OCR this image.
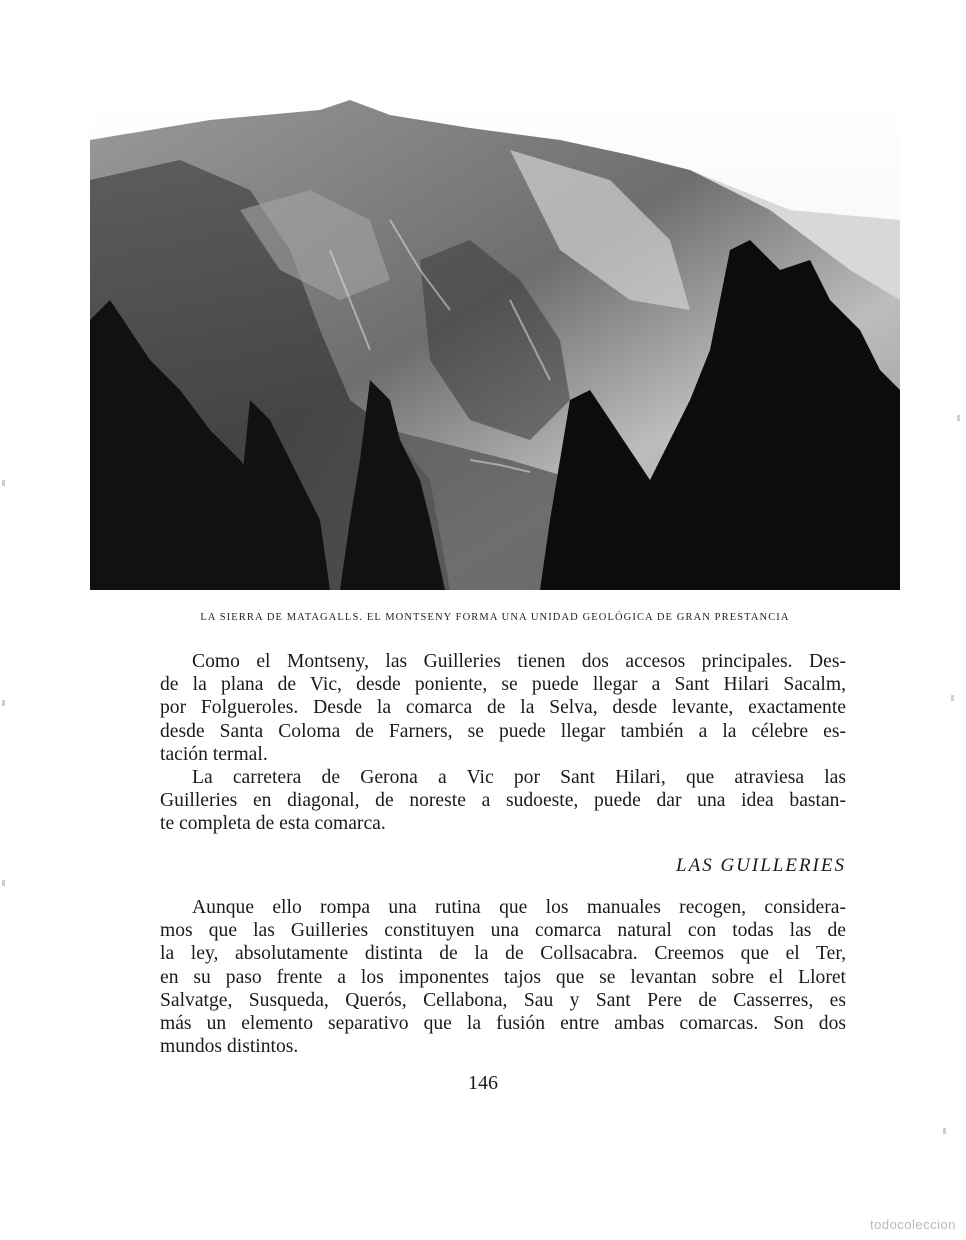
LA SIERRA DE MATAGALLS. EL MONTSENY FORMA UNA UNIDAD GEOLÓGICA DE GRAN PRESTANCIA
Como el Montseny, las Guilleries tienen dos accesos principales. Des-
de la plana de Vic, desde poniente, se puede llegar a Sant Hilari Sacalm,
por Folgueroles. Desde la comarca de la Selva, desde levante, exactamente
desde Santa Coloma de Farners, se puede llegar también a la célebre es-
tación termal.
La carretera de Gerona a Vic por Sant Hilari, que atraviesa las
Guilleries en diagonal, de noreste a sudoeste, puede dar una idea bastan-
te completa de esta comarca.
LAS GUILLERIES
Aunque ello rompa una rutina que los manuales recogen, considera-
mos que las Guilleries constituyen una comarca natural con todas las de
la ley, absolutamente distinta de la de Collsacabra. Creemos que el Ter,
en su paso frente a los imponentes tajos que se levantan sobre el Lloret
Salvatge, Susqueda, Querós, Cellabona, Sau y Sant Pere de Casserres, es
más un elemento separativo que la fusión entre ambas comarcas. Son dos
mundos distintos.
146
todocoleccion
